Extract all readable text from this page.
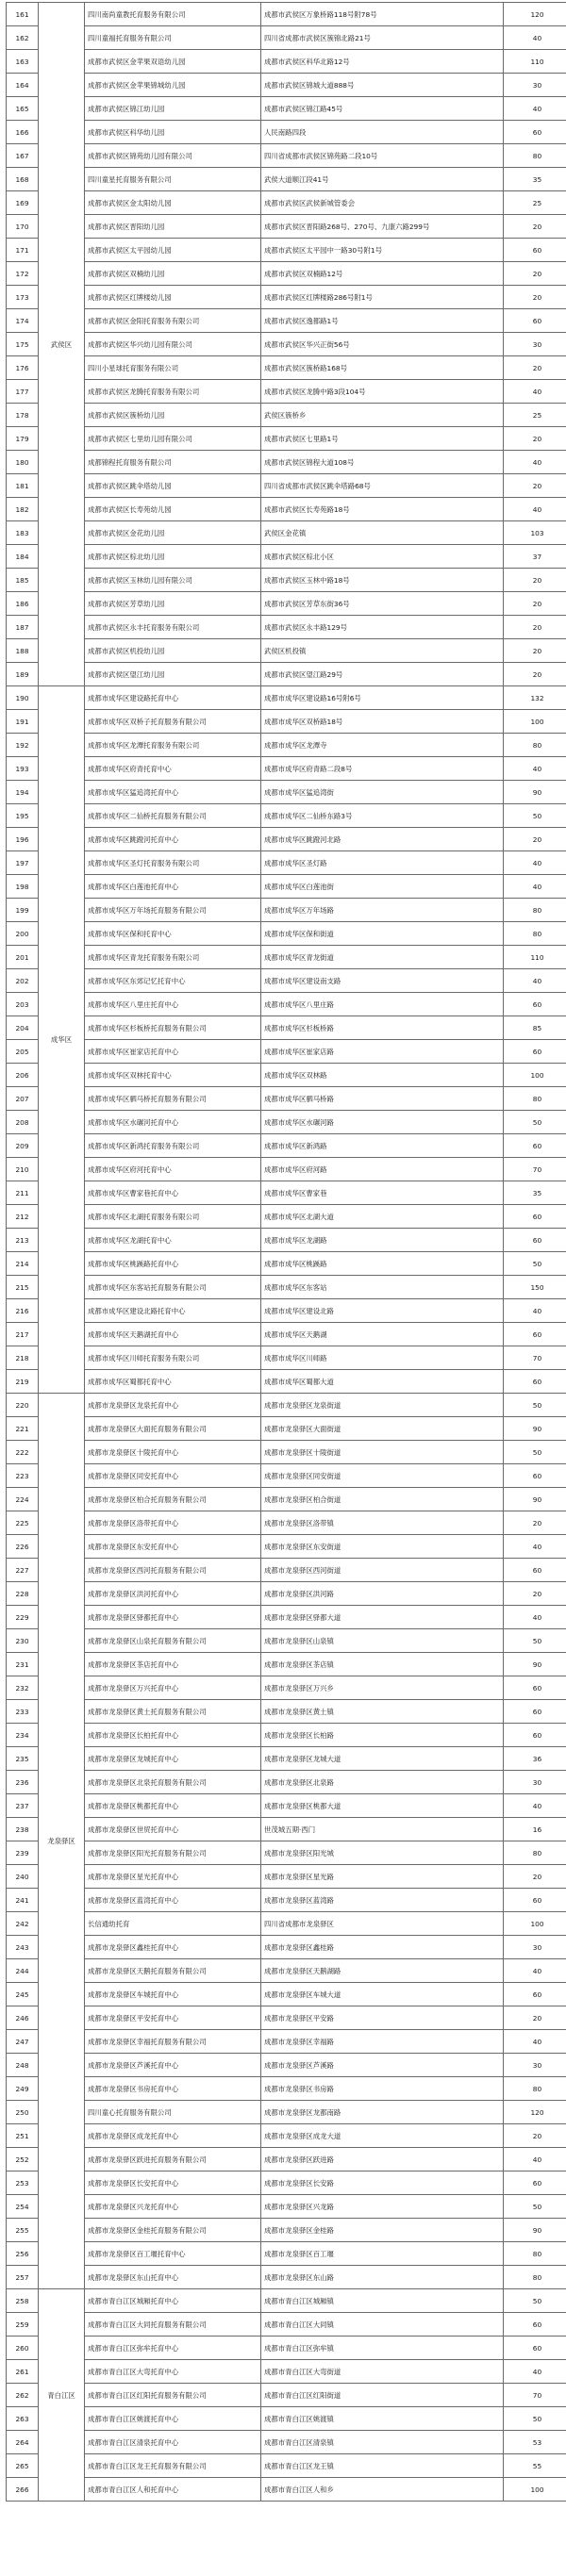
161	武侯区	四川南尚童教托育服务有限公司	成都市武侯区万象桥路118号附78号	120
162		四川童福托育服务有限公司	四川省成都市武侯区簇锦北路21号	40
163		成都市武侯区金苹果双语幼儿园	成都市武侯区科华北路12号	110
164		成都市武侯区金苹果锦城幼儿园	成都市武侯区锦城大道888号	30
165		成都市武侯区锦江幼儿园	成都市武侯区锦江路45号	40
166		成都市武侯区科华幼儿园	人民南路四段	60
167		成都市武侯区锦苑幼儿园有限公司	四川省成都市武侯区锦苑路二段10号	80
168		四川童星托育服务有限公司	武侯大道顺江段41号	35
169		成都市武侯区金太阳幼儿园	成都市武侯区武侯新城管委会	25
170		成都市武侯区晋阳幼儿园	成都市武侯区晋阳路268号、270号、九康六路299号	20
171		成都市武侯区太平园幼儿园	成都市武侯区太平园中一路30号附1号	60
172		成都市武侯区双楠幼儿园	成都市武侯区双楠路12号	20
173		成都市武侯区红牌楼幼儿园	成都市武侯区红牌楼路286号附1号	20
174		成都市武侯区金阳托育服务有限公司	成都市武侯区逸都路1号	60
175		成都市武侯区华兴幼儿园有限公司	成都市武侯区华兴正街56号	30
176		四川小星球托育服务有限公司	成都市武侯区簇桥路168号	20
177		成都市武侯区龙腾托育服务有限公司	成都市武侯区龙腾中路3段104号	40
178		成都市武侯区簇桥幼儿园	武侯区簇桥乡	25
179		成都市武侯区七里幼儿园有限公司	成都市武侯区七里路1号	20
180		成都锦程托育服务有限公司	成都市武侯区锦程大道108号	40
181		成都市武侯区跳伞塔幼儿园	四川省成都市武侯区跳伞塔路68号	20
182		成都市武侯区长寿苑幼儿园	成都市武侯区长寿苑路18号	40
183		成都市武侯区金花幼儿园	武侯区金花镇	103
184		成都市武侯区棕北幼儿园	成都市武侯区棕北小区	37
185		成都市武侯区玉林幼儿园有限公司	成都市武侯区玉林中路18号	20
186		成都市武侯区芳草幼儿园	成都市武侯区芳草东街36号	20
187		成都市武侯区永丰托育服务有限公司	成都市武侯区永丰路129号	20
188		成都市武侯区机投幼儿园	武侯区机投镇	20
189		成都市武侯区望江幼儿园	成都市武侯区望江路29号	20
190	成华区	成都市成华区建设路托育中心	成都市成华区建设路16号附6号	132
191		成都市成华区双桥子托育服务有限公司	成都市成华区双桥路18号	100
192		成都市成华区龙潭托育服务有限公司	成都市成华区龙潭寺	80
193		成都市成华区府青托育中心	成都市成华区府青路二段8号	40
194		成都市成华区猛追湾托育中心	成都市成华区猛追湾街	90
195		成都市成华区二仙桥托育服务有限公司	成都市成华区二仙桥东路3号	50
196		成都市成华区跳蹬河托育中心	成都市成华区跳蹬河北路	20
197		成都市成华区圣灯托育服务有限公司	成都市成华区圣灯路	40
198		成都市成华区白莲池托育中心	成都市成华区白莲池街	40
199		成都市成华区万年场托育服务有限公司	成都市成华区万年场路	80
200		成都市成华区保和托育中心	成都市成华区保和街道	80
201		成都市成华区青龙托育服务有限公司	成都市成华区青龙街道	110
202		成都市成华区东郊记忆托育中心	成都市成华区建设南支路	40
203		成都市成华区八里庄托育中心	成都市成华区八里庄路	60
204		成都市成华区杉板桥托育服务有限公司	成都市成华区杉板桥路	85
205		成都市成华区崔家店托育中心	成都市成华区崔家店路	60
206		成都市成华区双林托育中心	成都市成华区双林路	100
207		成都市成华区驷马桥托育服务有限公司	成都市成华区驷马桥路	80
208		成都市成华区水碾河托育中心	成都市成华区水碾河路	50
209		成都市成华区新鸿托育服务有限公司	成都市成华区新鸿路	60
210		成都市成华区府河托育中心	成都市成华区府河路	70
211		成都市成华区曹家巷托育中心	成都市成华区曹家巷	35
212		成都市成华区北湖托育服务有限公司	成都市成华区北湖大道	60
213		成都市成华区龙湖托育中心	成都市成华区龙湖路	60
214		成都市成华区桃蹊路托育中心	成都市成华区桃蹊路	50
215		成都市成华区东客站托育服务有限公司	成都市成华区东客站	150
216		成都市成华区建设北路托育中心	成都市成华区建设北路	40
217		成都市成华区天鹅湖托育中心	成都市成华区天鹅湖	60
218		成都市成华区川师托育服务有限公司	成都市成华区川师路	70
219		成都市成华区蜀都托育中心	成都市成华区蜀都大道	60
220	龙泉驿区	成都市龙泉驿区龙泉托育中心	成都市龙泉驿区龙泉街道	50
221		成都市龙泉驿区大面托育服务有限公司	成都市龙泉驿区大面街道	90
222		成都市龙泉驿区十陵托育中心	成都市龙泉驿区十陵街道	50
223		成都市龙泉驿区同安托育中心	成都市龙泉驿区同安街道	60
224		成都市龙泉驿区柏合托育服务有限公司	成都市龙泉驿区柏合街道	90
225		成都市龙泉驿区洛带托育中心	成都市龙泉驿区洛带镇	20
226		成都市龙泉驿区东安托育中心	成都市龙泉驿区东安街道	40
227		成都市龙泉驿区西河托育服务有限公司	成都市龙泉驿区西河街道	60
228		成都市龙泉驿区洪河托育中心	成都市龙泉驿区洪河路	20
229		成都市龙泉驿区驿都托育中心	成都市龙泉驿区驿都大道	40
230		成都市龙泉驿区山泉托育服务有限公司	成都市龙泉驿区山泉镇	50
231		成都市龙泉驿区茶店托育中心	成都市龙泉驿区茶店镇	90
232		成都市龙泉驿区万兴托育中心	成都市龙泉驿区万兴乡	60
233		成都市龙泉驿区黄土托育服务有限公司	成都市龙泉驿区黄土镇	60
234		成都市龙泉驿区长柏托育中心	成都市龙泉驿区长柏路	60
235		成都市龙泉驿区龙城托育中心	成都市龙泉驿区龙城大道	36
236		成都市龙泉驿区北泉托育服务有限公司	成都市龙泉驿区北泉路	30
237		成都市龙泉驿区桃都托育中心	成都市龙泉驿区桃都大道	40
238		成都市龙泉驿区世贸托育中心	世茂城五期·西门	16
239		成都市龙泉驿区阳光托育服务有限公司	成都市龙泉驿区阳光城	80
240		成都市龙泉驿区星光托育中心	成都市龙泉驿区星光路	20
241		成都市龙泉驿区蓝湾托育中心	成都市龙泉驿区蓝湾路	60
242		长信通幼托育	四川省成都市龙泉驿区	100
243		成都市龙泉驿区鑫桂托育中心	成都市龙泉驿区鑫桂路	30
244		成都市龙泉驿区天鹅托育服务有限公司	成都市龙泉驿区天鹅湖路	40
245		成都市龙泉驿区车城托育中心	成都市龙泉驿区车城大道	60
246		成都市龙泉驿区平安托育中心	成都市龙泉驿区平安路	20
247		成都市龙泉驿区幸福托育服务有限公司	成都市龙泉驿区幸福路	40
248		成都市龙泉驿区芦溪托育中心	成都市龙泉驿区芦溪路	30
249		成都市龙泉驿区书房托育中心	成都市龙泉驿区书房路	80
250		四川童心托育服务有限公司	成都市龙泉驿区龙都南路	120
251		成都市龙泉驿区成龙托育中心	成都市龙泉驿区成龙大道	20
252		成都市龙泉驿区跃进托育服务有限公司	成都市龙泉驿区跃进路	40
253		成都市龙泉驿区长安托育中心	成都市龙泉驿区长安路	60
254		成都市龙泉驿区兴龙托育中心	成都市龙泉驿区兴龙路	50
255		成都市龙泉驿区金桂托育服务有限公司	成都市龙泉驿区金桂路	90
256		成都市龙泉驿区百工堰托育中心	成都市龙泉驿区百工堰	80
257		成都市龙泉驿区东山托育中心	成都市龙泉驿区东山路	80
258	青白江区	成都市青白江区城厢托育中心	成都市青白江区城厢镇	50
259		成都市青白江区大同托育服务有限公司	成都市青白江区大同镇	60
260		成都市青白江区弥牟托育中心	成都市青白江区弥牟镇	60
261		成都市青白江区大弯托育中心	成都市青白江区大弯街道	40
262		成都市青白江区红阳托育服务有限公司	成都市青白江区红阳街道	70
263		成都市青白江区姚渡托育中心	成都市青白江区姚渡镇	50
264		成都市青白江区清泉托育中心	成都市青白江区清泉镇	53
265		成都市青白江区龙王托育服务有限公司	成都市青白江区龙王镇	55
266		成都市青白江区人和托育中心	成都市青白江区人和乡	100
